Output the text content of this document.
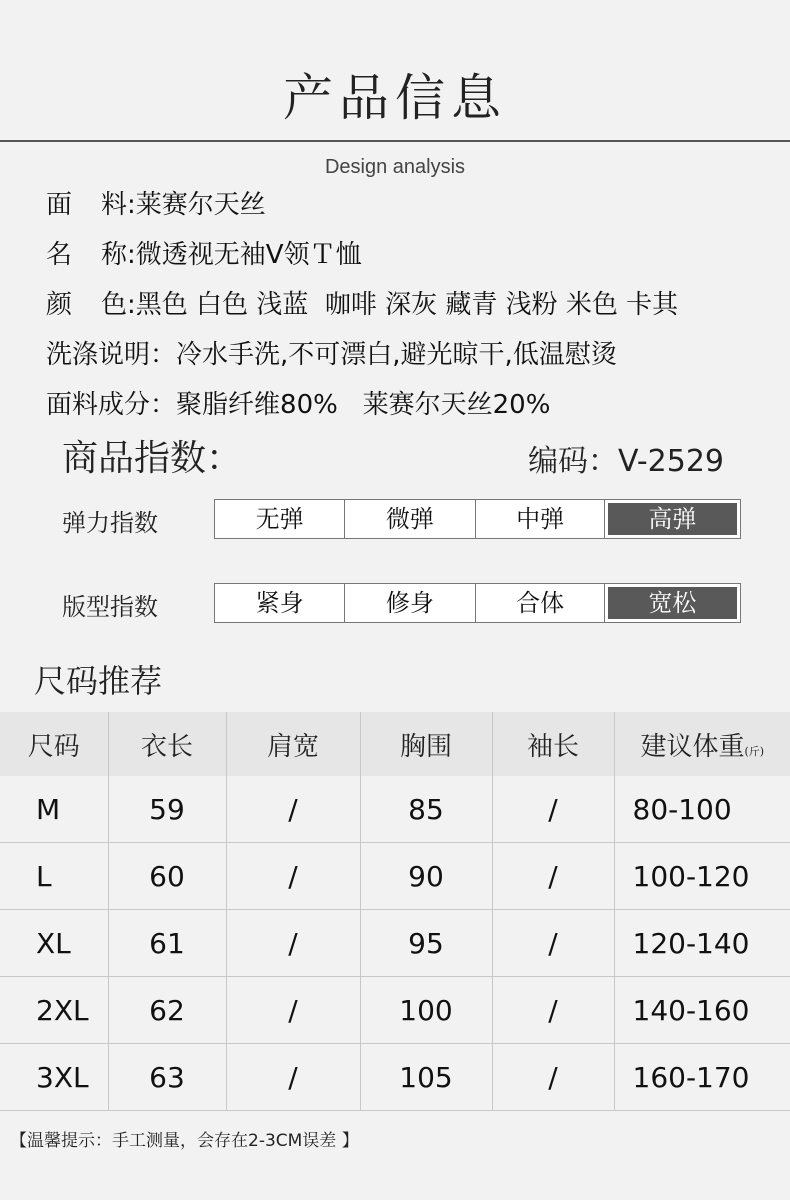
产品信息
Design analysis
面料:莱赛尔天丝
名称:微透视无袖V领Ｔ恤
颜色:黑色 白色 浅蓝  咖啡 深灰 藏青 浅粉 米色 卡其
洗涤说明：冷水手洗,不可漂白,避光晾干,低温慰烫
面料成分：聚脂纤维80%   莱赛尔天丝20%
商品指数：	编码：V-2529
弹力指数	无弹	微弹	中弹	高弹
版型指数	紧身	修身	合体	宽松
尺码推荐
尺码	衣长	肩宽	胸围	袖长	建议体重(斤)
M	59	/	85	/	80-100
L	60	/	90	/	100-120
XL	61	/	95	/	120-140
2XL	62	/	100	/	140-160
3XL	63	/	105	/	160-170
【温馨提示：手工测量，会存在2-3CM误差 】
